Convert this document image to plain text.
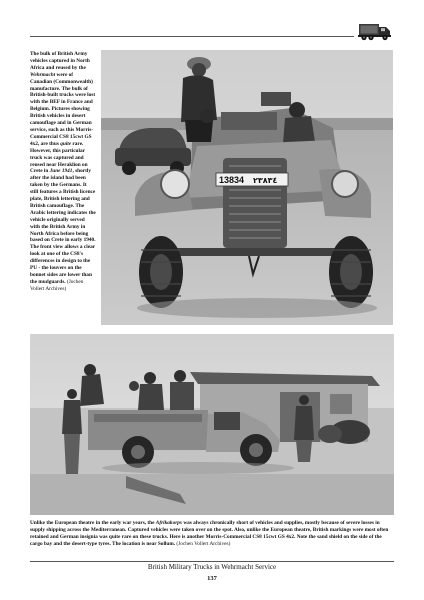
The bulk of British Army vehicles captured in North Africa and reused by the Wehrmacht were of Canadian (Commonwealth) manufacture. The bulk of British-built trucks were lost with the BEF in France and Belgium. Pictures showing British vehicles in desert camouflage and in German service, such as this Morris-Commercial CS8 15cwt GS 4x2, are thus quite rare. However, this particular truck was captured and reused near Heraklion on Crete in June 1941, shortly after the island had been taken by the Germans. It still features a British licence plate, British lettering and British camouflage. The Arabic lettering indicates the vehicle originally served with the British Army in North Africa before being based on Crete in early 1940. The front view allows a clear look at one of the CS8's differences in design to the PU - the louvers on the bonnet sides are lower than the mudguards. (Jochen Vollert Archives)
13834 ۲٣٨٣٤
Unlike the European theatre in the early war years, the Afrikakorps was always chronically short of vehicles and supplies, mostly because of severe losses in supply shipping across the Mediterranean. Captured vehicles were taken over on the spot. Also, unlike the European theatre, British markings were most often retained and German insignia was quite rare on these trucks. Here is another Morris-Commercial CS8 15cwt GS 4x2. Note the sand shield on the side of the cargo bay and the desert-type tyres. The location is near Sollum. (Jochen Vollert Archives)
British Military Trucks in Wehrmacht Service
137
